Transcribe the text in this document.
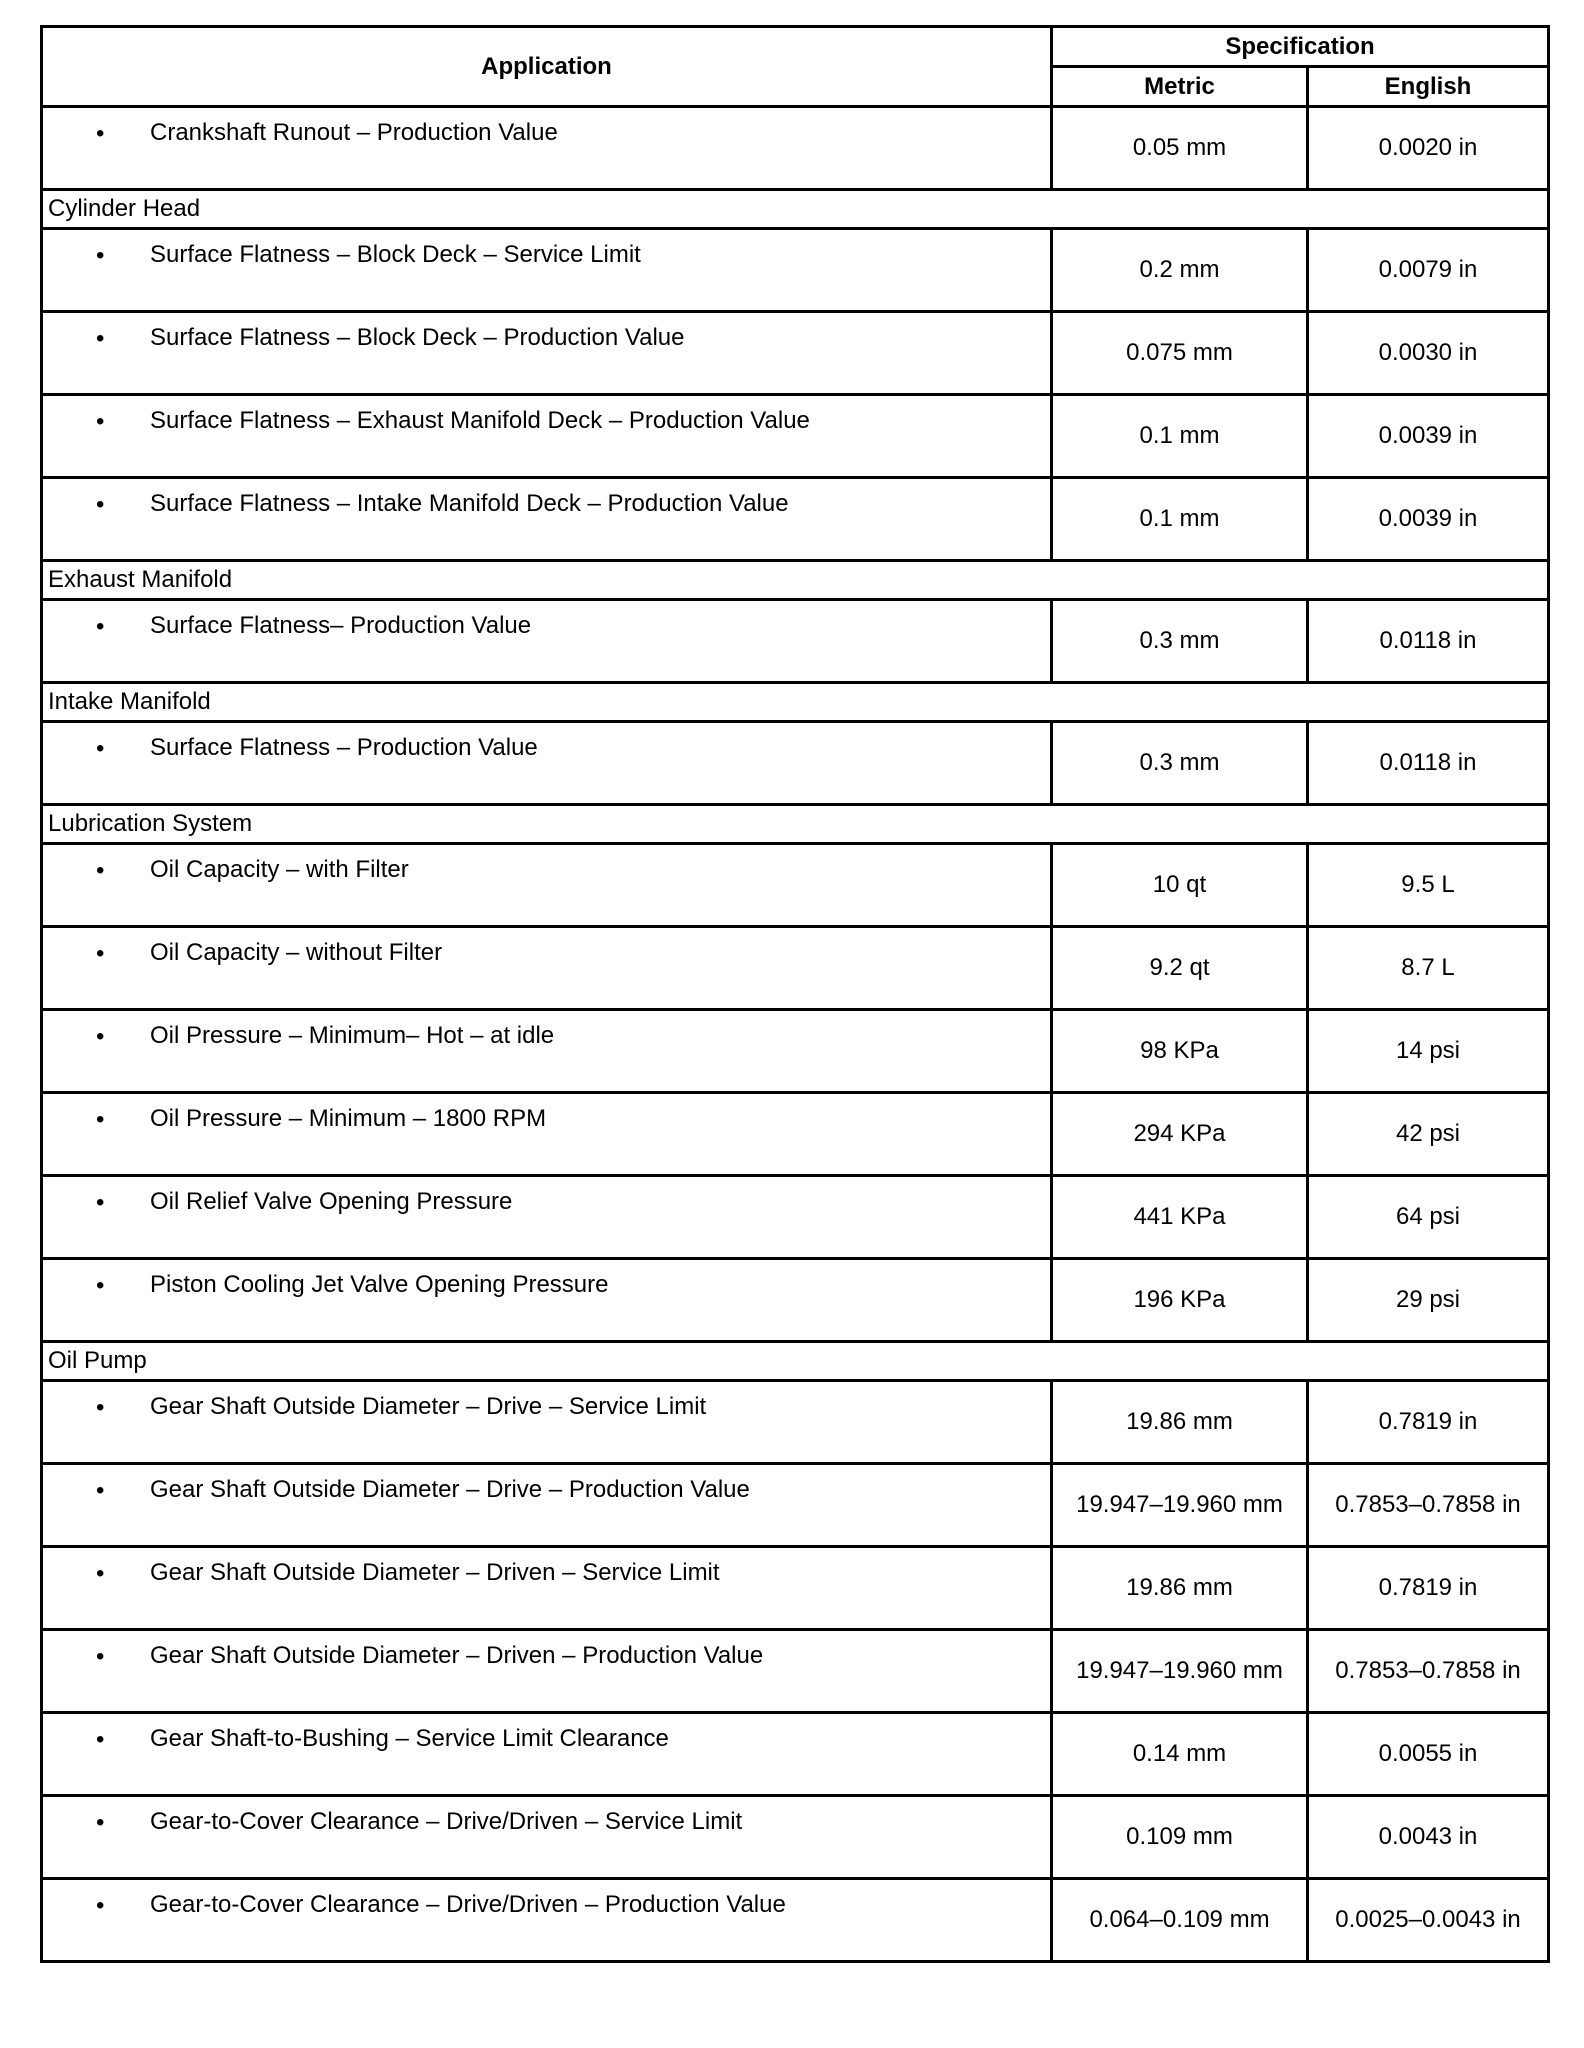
Application	Specification	
	Metric	English

• Crankshaft Runout – Production Value	0.05 mm	0.0020 in
Cylinder Head		

• Surface Flatness – Block Deck – Service Limit	0.2 mm	0.0079 in

• Surface Flatness – Block Deck – Production Value	0.075 mm	0.0030 in

• Surface Flatness – Exhaust Manifold Deck – Production Value	0.1 mm	0.0039 in

• Surface Flatness – Intake Manifold Deck – Production Value	0.1 mm	0.0039 in
Exhaust Manifold		

• Surface Flatness– Production Value	0.3 mm	0.0118 in
Intake Manifold		

• Surface Flatness – Production Value	0.3 mm	0.0118 in
Lubrication System		

• Oil Capacity – with Filter	10 qt	9.5 L

• Oil Capacity – without Filter	9.2 qt	8.7 L

• Oil Pressure – Minimum– Hot – at idle	98 KPa	14 psi

• Oil Pressure – Minimum – 1800 RPM	294 KPa	42 psi

• Oil Relief Valve Opening Pressure	441 KPa	64 psi

• Piston Cooling Jet Valve Opening Pressure	196 KPa	29 psi
Oil Pump		

• Gear Shaft Outside Diameter – Drive – Service Limit	19.86 mm	0.7819 in

• Gear Shaft Outside Diameter – Drive – Production Value	19.947–19.960 mm	0.7853–0.7858 in

• Gear Shaft Outside Diameter – Driven – Service Limit	19.86 mm	0.7819 in

• Gear Shaft Outside Diameter – Driven – Production Value	19.947–19.960 mm	0.7853–0.7858 in

• Gear Shaft-to-Bushing – Service Limit Clearance	0.14 mm	0.0055 in

• Gear-to-Cover Clearance – Drive/Driven – Service Limit	0.109 mm	0.0043 in

• Gear-to-Cover Clearance – Drive/Driven – Production Value	0.064–0.109 mm	0.0025–0.0043 in
